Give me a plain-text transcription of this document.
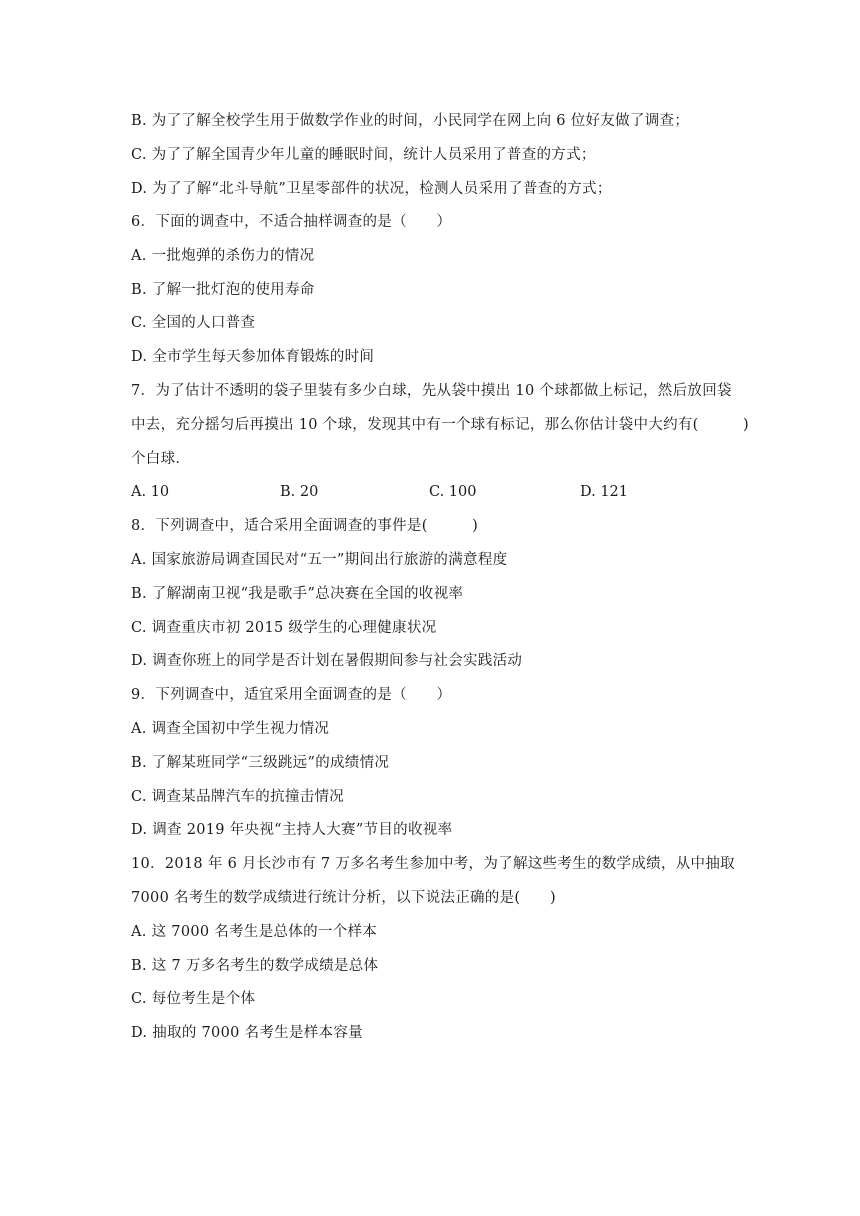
B. 为了了解全校学生用于做数学作业的时间，小民同学在网上向 6 位好友做了调查；
C. 为了了解全国青少年儿童的睡眠时间，统计人员采用了普查的方式；
D. 为了了解“北斗导航”卫星零部件的状况，检测人员采用了普查的方式；
6．下面的调查中，不适合抽样调查的是（　　）
A. 一批炮弹的杀伤力的情况
B. 了解一批灯泡的使用寿命
C. 全国的人口普查
D. 全市学生每天参加体育锻炼的时间
7．为了估计不透明的袋子里装有多少白球，先从袋中摸出 10 个球都做上标记，然后放回袋
中去，充分摇匀后再摸出 10 个球，发现其中有一个球有标记，那么你估计袋中大约有(　　　)
个白球．
A. 10	B. 20	C. 100	D. 121
8．下列调查中，适合采用全面调查的事件是(　　　)
A. 国家旅游局调查国民对“五一”期间出行旅游的满意程度
B. 了解湖南卫视“我是歌手”总决赛在全国的收视率
C. 调查重庆市初 2015 级学生的心理健康状况
D. 调查你班上的同学是否计划在暑假期间参与社会实践活动
9．下列调查中，适宜采用全面调查的是（　　）
A. 调查全国初中学生视力情况
B. 了解某班同学“三级跳远”的成绩情况
C. 调查某品牌汽车的抗撞击情况
D. 调查 2019 年央视“主持人大赛”节目的收视率
10．2018 年 6 月长沙市有 7 万多名考生参加中考，为了解这些考生的数学成绩，从中抽取
7000 名考生的数学成绩进行统计分析，以下说法正确的是(　　)
A. 这 7000 名考生是总体的一个样本
B. 这 7 万多名考生的数学成绩是总体
C. 每位考生是个体
D. 抽取的 7000 名考生是样本容量
